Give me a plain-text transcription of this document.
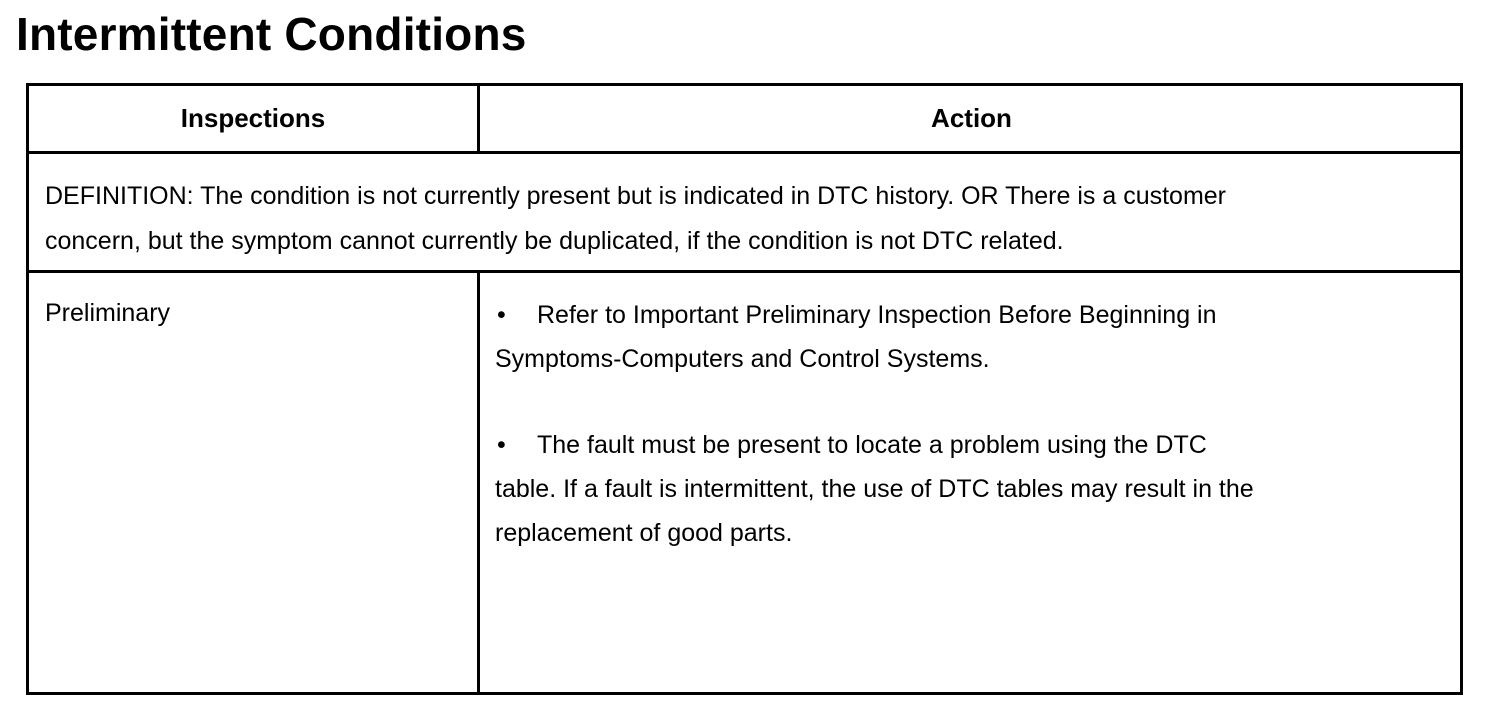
Intermittent Conditions
Inspections	Action

DEFINITION: The condition is not currently present but is indicated in DTC history. OR There is a customer

concern, but the symptom cannot currently be duplicated, if the condition is not DTC related.

Preliminary	• Refer to Important Preliminary Inspection Before Beginning in
Symptoms-Computers and Control Systems.
• The fault must be present to locate a problem using the DTC
table. If a fault is intermittent, the use of DTC tables may result in the
replacement of good parts.
